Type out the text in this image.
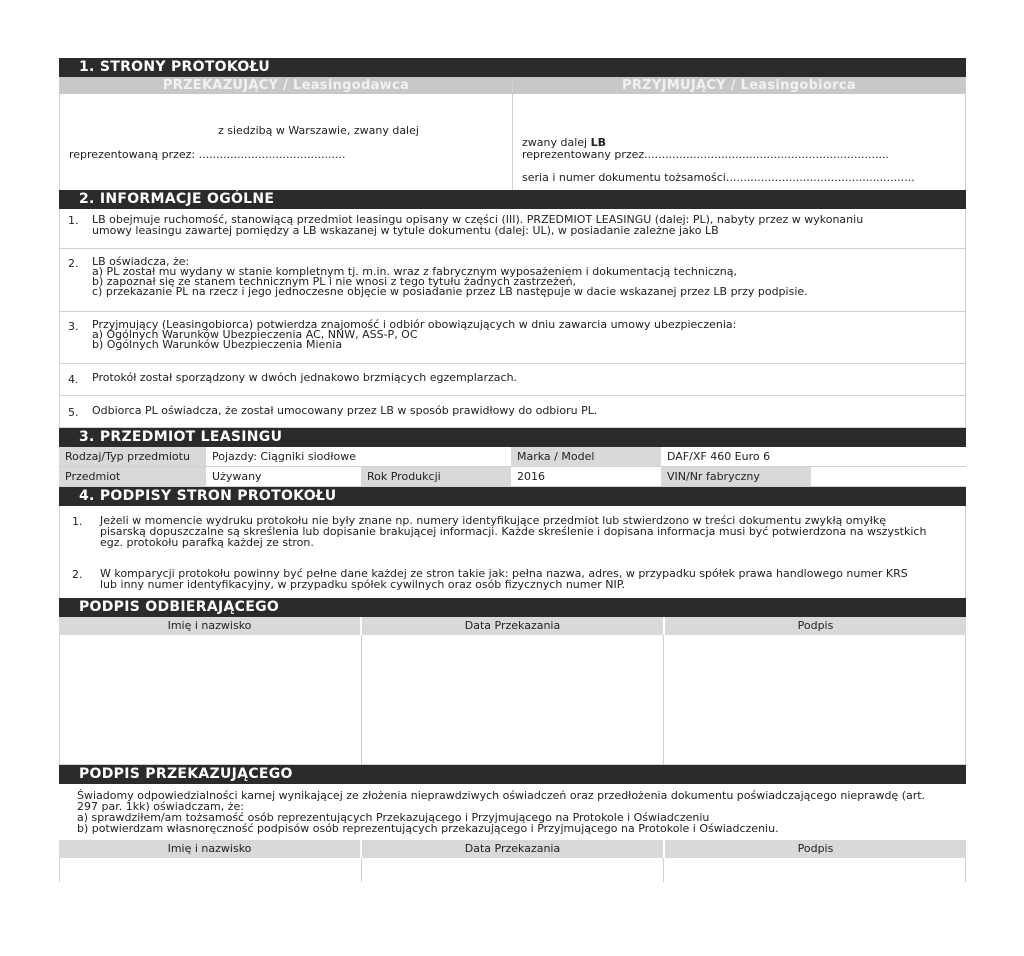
1. STRONY PROTOKOŁU
PRZEKAZUJĄCY / Leasingodawca
z siedzibą w Warszawie, zwany dalej
reprezentowaną przez: ..........................................
PRZYJMUJĄCY / Leasingobiorca
zwany dalej LB
reprezentowany przez......................................................................
seria i numer dokumentu tożsamości......................................................
2. INFORMACJE OGÓLNE
1. LB obejmuje ruchomość, stanowiącą przedmiot leasingu opisany w części (III). PRZEDMIOT LEASINGU (dalej: PL), nabyty przez w wykonaniu
umowy leasingu zawartej pomiędzy a LB wskazanej w tytule dokumentu (dalej: UL), w posiadanie zależne jako LB
2. LB oświadcza, że:
a) PL został mu wydany w stanie kompletnym tj. m.in. wraz z fabrycznym wyposażeniem i dokumentacją techniczną,
b) zapoznał się ze stanem technicznym PL i nie wnosi z tego tytułu żadnych zastrzeżeń,
c) przekazanie PL na rzecz i jego jednoczesne objęcie w posiadanie przez LB następuje w dacie wskazanej przez LB przy podpisie.
3. Przyjmujący (Leasingobiorca) potwierdza znajomość i odbiór obowiązujących w dniu zawarcia umowy ubezpieczenia:
a) Ogólnych Warunków Ubezpieczenia AC, NNW, ASS-P, OC
b) Ogólnych Warunków Ubezpieczenia Mienia
4. Protokół został sporządzony w dwóch jednakowo brzmiących egzemplarzach.
5. Odbiorca PL oświadcza, że został umocowany przez LB w sposób prawidłowy do odbioru PL.
3. PRZEDMIOT LEASINGU
Rodzaj/Typ przedmiotu	Pojazdy: Ciągniki siodłowe	Marka / Model	DAF/XF 460 Euro 6
Przedmiot	Używany	Rok Produkcji	2016	VIN/Nr fabryczny
4. PODPISY STRON PROTOKOŁU
1. Jeżeli w momencie wydruku protokołu nie były znane np. numery identyfikujące przedmiot lub stwierdzono w treści dokumentu zwykłą omyłkę
pisarską dopuszczalne są skreślenia lub dopisanie brakującej informacji. Każde skreślenie i dopisana informacja musi być potwierdzona na wszystkich
egz. protokołu parafką każdej ze stron.
2. W komparycji protokołu powinny być pełne dane każdej ze stron takie jak: pełna nazwa, adres, w przypadku spółek prawa handlowego numer KRS
lub inny numer identyfikacyjny, w przypadku spółek cywilnych oraz osób fizycznych numer NIP.
PODPIS ODBIERAJĄCEGO
Imię i nazwisko	Data Przekazania	Podpis
PODPIS PRZEKAZUJĄCEGO
Świadomy odpowiedzialności karnej wynikającej ze złożenia nieprawdziwych oświadczeń oraz przedłożenia dokumentu poświadczającego nieprawdę (art.
297 par. 1kk) oświadczam, że:
a) sprawdziłem/am tożsamość osób reprezentujących Przekazującego i Przyjmującego na Protokole i Oświadczeniu
b) potwierdzam własnoręczność podpisów osób reprezentujących przekazującego i Przyjmującego na Protokole i Oświadczeniu.
Imię i nazwisko	Data Przekazania	Podpis
